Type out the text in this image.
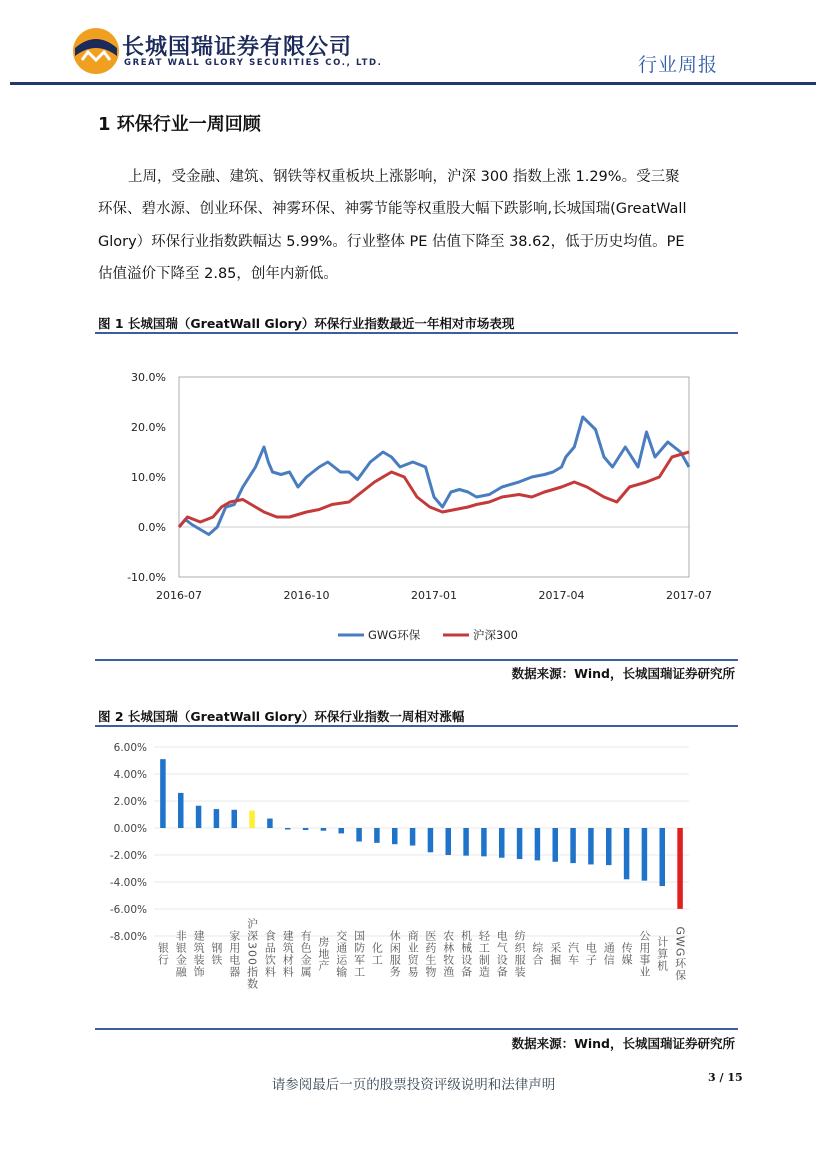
长城国瑞证券有限公司
GREAT WALL GLORY SECURITIES CO., LTD.	行业周报
1 环保行业一周回顾
上周，受金融、建筑、钢铁等权重板块上涨影响，沪深 300 指数上涨 1.29%。受三聚
环保、碧水源、创业环保、神雾环保、神雾节能等权重股大幅下跌影响,长城国瑞(GreatWall
Glory）环保行业指数跌幅达 5.99%。行业整体 PE 估值下降至 38.62，低于历史均值。PE
估值溢价下降至 2.85，创年内新低。
图 1 长城国瑞（GreatWall Glory）环保行业指数最近一年相对市场表现
30.0%
20.0%
10.0%
0.0%
-10.0%
2016-07	2016-10	2017-01	2017-04	2017-07
GWG环保	沪深300
数据来源：Wind，长城国瑞证券研究所
图 2 长城国瑞（GreatWall Glory）环保行业指数一周相对涨幅
6.00%
4.00%
2.00%
0.00%
-2.00%
-4.00%
-6.00%
-8.00%
银行 非银金融 建筑装饰 钢铁 家用电器 沪深300指数 食品饮料 建筑材料 有色金属 房地产 交通运输 国防军工 化工 休闲服务 商业贸易 医药生物 农林牧渔 机械设备 轻工制造 电气设备 纺织服装 综合 采掘 汽车 电子 通信 传媒 公用事业 计算机 GWG环保
数据来源：Wind，长城国瑞证券研究所
请参阅最后一页的股票投资评级说明和法律声明	3 / 15
